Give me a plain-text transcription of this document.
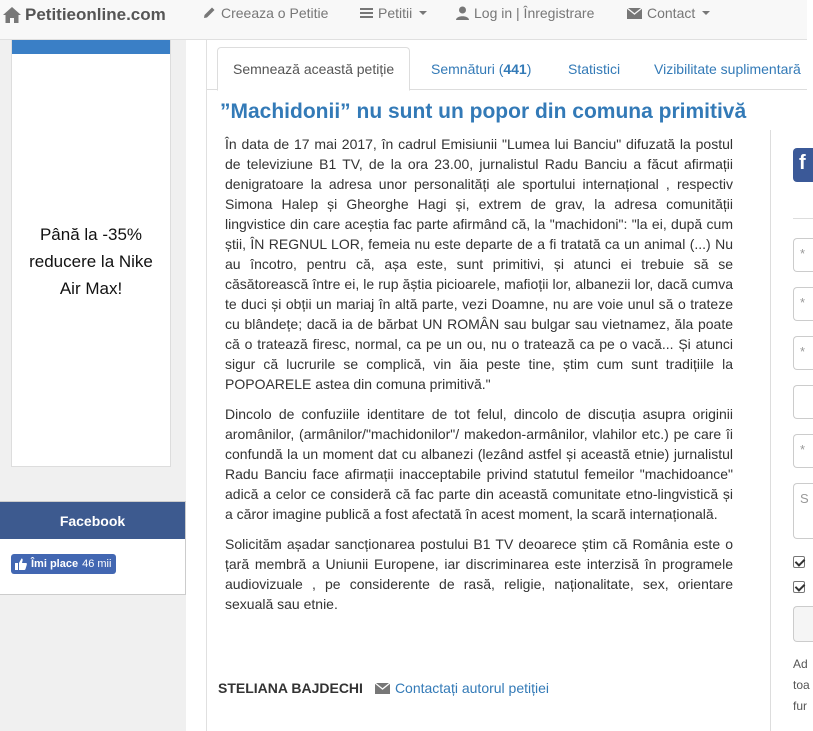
Petitieonline.com	Creeaza o Petitie	Petitii	Log in | Înregistrare	Contact
Până la -35% reducere la Nike Air Max!
Facebook
Îmi place 46 mii
Semnează această petiție	Semnături ( 441 )	Statistici Vizibilitate suplimentară
”Machidonii” nu sunt un popor din comuna primitivă

În data de 17 mai 2017, în cadrul Emisiunii "Lumea lui Banciu" difuzată la postul de televiziune B1 TV, de la ora 23.00, jurnalistul Radu Banciu a făcut afirmații denigratoare la adresa unor personalități ale sportului internațional , respectiv Simona Halep și Gheorghe Hagi și, extrem de grav, la adresa comunității lingvistice din care aceștia fac parte afirmând că, la "machidoni": "la ei, după cum știi, ÎN REGNUL LOR, femeia nu este departe de a fi tratată ca un animal (...) Nu au încotro, pentru că, așa este, sunt primitivi, și atunci ei trebuie să se căsătorească între ei, le rup ăștia picioarele, mafioții lor, albanezii lor, dacă cumva te duci și obții un mariaj în altă parte, vezi Doamne, nu are voie unul să o trateze cu blândețe; dacă ia de bărbat UN ROMÂN sau bulgar sau vietnamez, ăla poate că o tratează firesc, normal, ca pe un ou, nu o tratează ca pe o vacă... Și atunci sigur că lucrurile se complică, vin ăia peste tine, știm cum sunt tradițiile la POPOARELE astea din comuna primitivă."

Dincolo de confuziile identitare de tot felul, dincolo de discuția asupra originii aromânilor, (armânilor/"machidonilor"/ makedon-armânilor, vlahilor etc.) pe care îi confundă la un moment dat cu albanezi (lezând astfel și această etnie) jurnalistul Radu Banciu face afirmații inacceptabile privind statutul femeilor "machidoance" adică a celor ce consideră că fac parte din această comunitate etno-lingvistică și a căror imagine publică a fost afectată în acest moment, la scară internațională.

Solicităm așadar sancționarea postului B1 TV deoarece știm că România este o țară membră a Uniunii Europene, iar discriminarea este interzisă în programele audiovizuale , pe considerente de rasă, religie, naționalitate, sex, orientare sexuală sau etnie.

STELIANA BAJDECHI Contactați autorul petiției
f
*
*
*
*
S
Ad
toa
fur
